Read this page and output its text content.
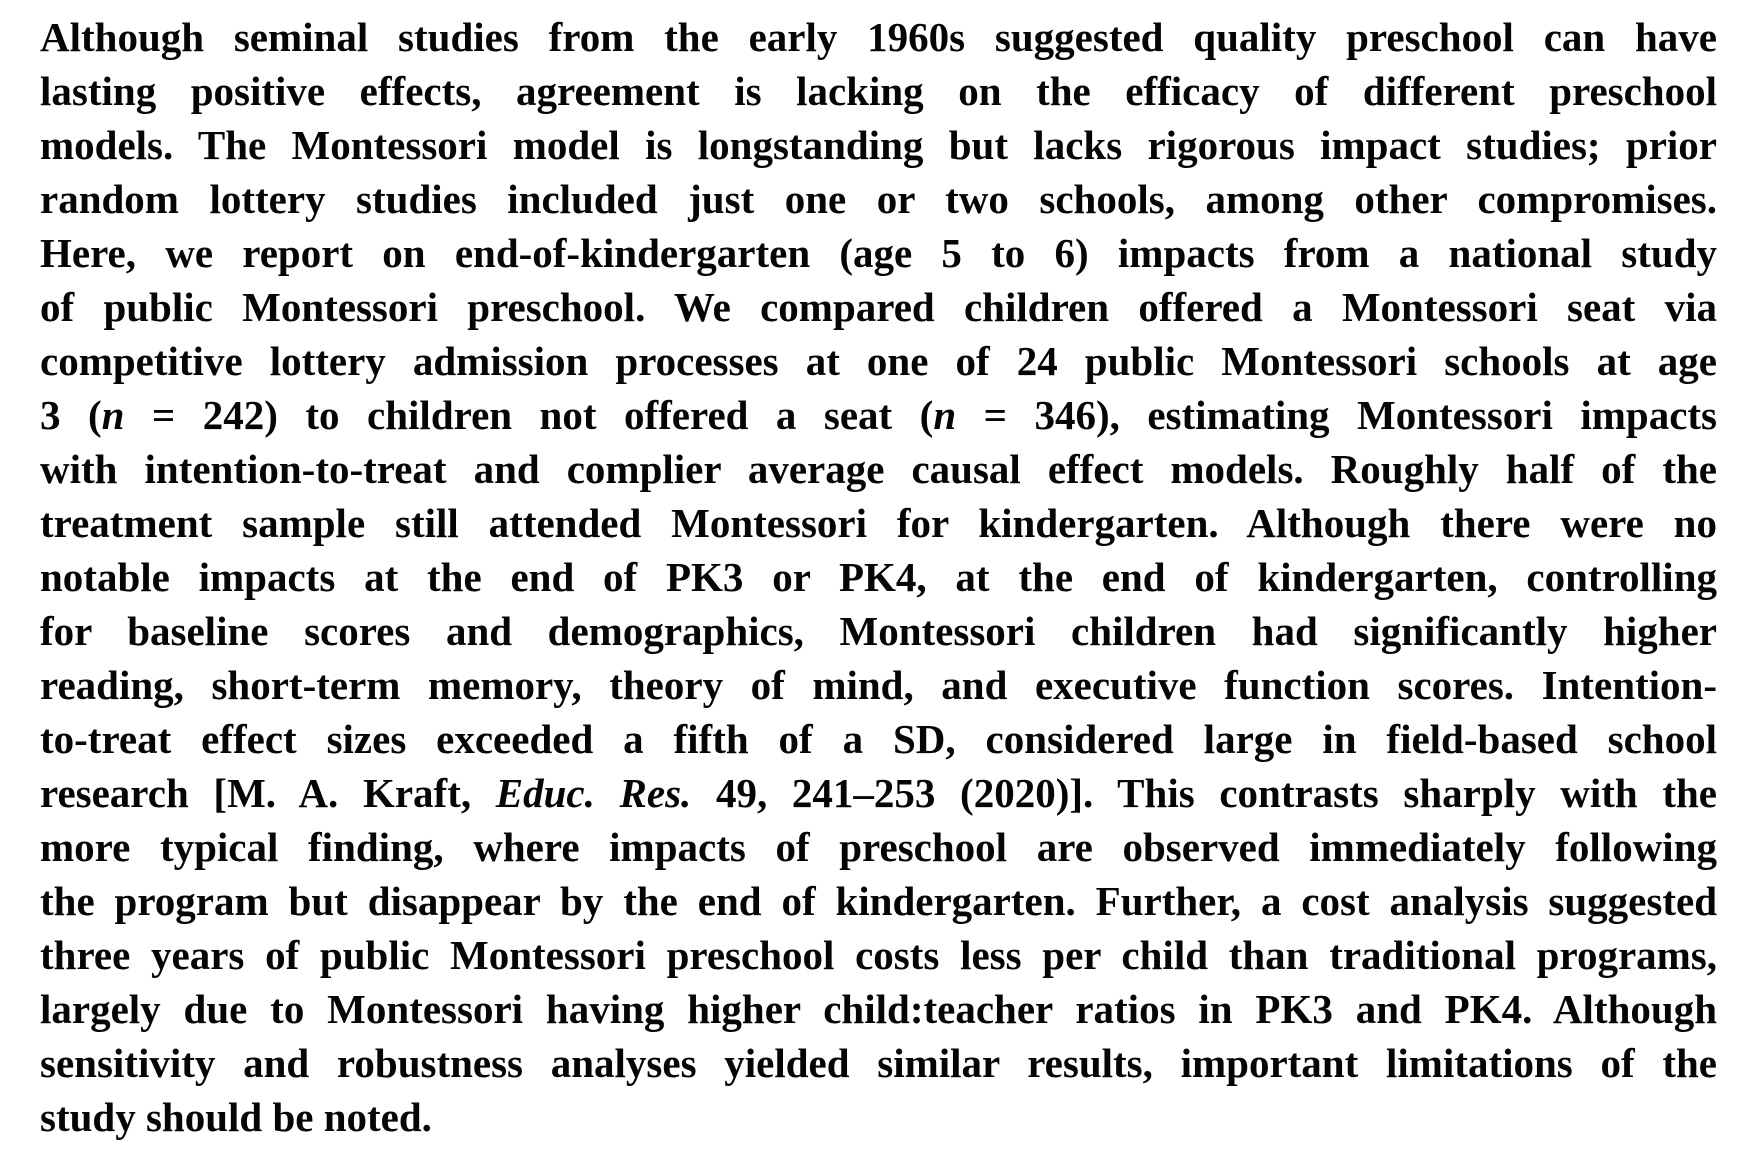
Although seminal studies from the early 1960s suggested quality preschool can have
lasting positive effects, agreement is lacking on the efficacy of different preschool
models. The Montessori model is longstanding but lacks rigorous impact studies; prior
random lottery studies included just one or two schools, among other compromises.
Here, we report on end-of-kindergarten (age 5 to 6) impacts from a national study
of public Montessori preschool. We compared children offered a Montessori seat via
competitive lottery admission processes at one of 24 public Montessori schools at age
3 (n = 242) to children not offered a seat (n = 346), estimating Montessori impacts
with intention-to-treat and complier average causal effect models. Roughly half of the
treatment sample still attended Montessori for kindergarten. Although there were no
notable impacts at the end of PK3 or PK4, at the end of kindergarten, controlling
for baseline scores and demographics, Montessori children had significantly higher
reading, short-term memory, theory of mind, and executive function scores. Intention-
to-treat effect sizes exceeded a fifth of a SD, considered large in field-based school
research [M. A. Kraft, Educ. Res. 49, 241–253 (2020)]. This contrasts sharply with the
more typical finding, where impacts of preschool are observed immediately following
the program but disappear by the end of kindergarten. Further, a cost analysis suggested
three years of public Montessori preschool costs less per child than traditional programs,
largely due to Montessori having higher child:teacher ratios in PK3 and PK4. Although
sensitivity and robustness analyses yielded similar results, important limitations of the
study should be noted.
